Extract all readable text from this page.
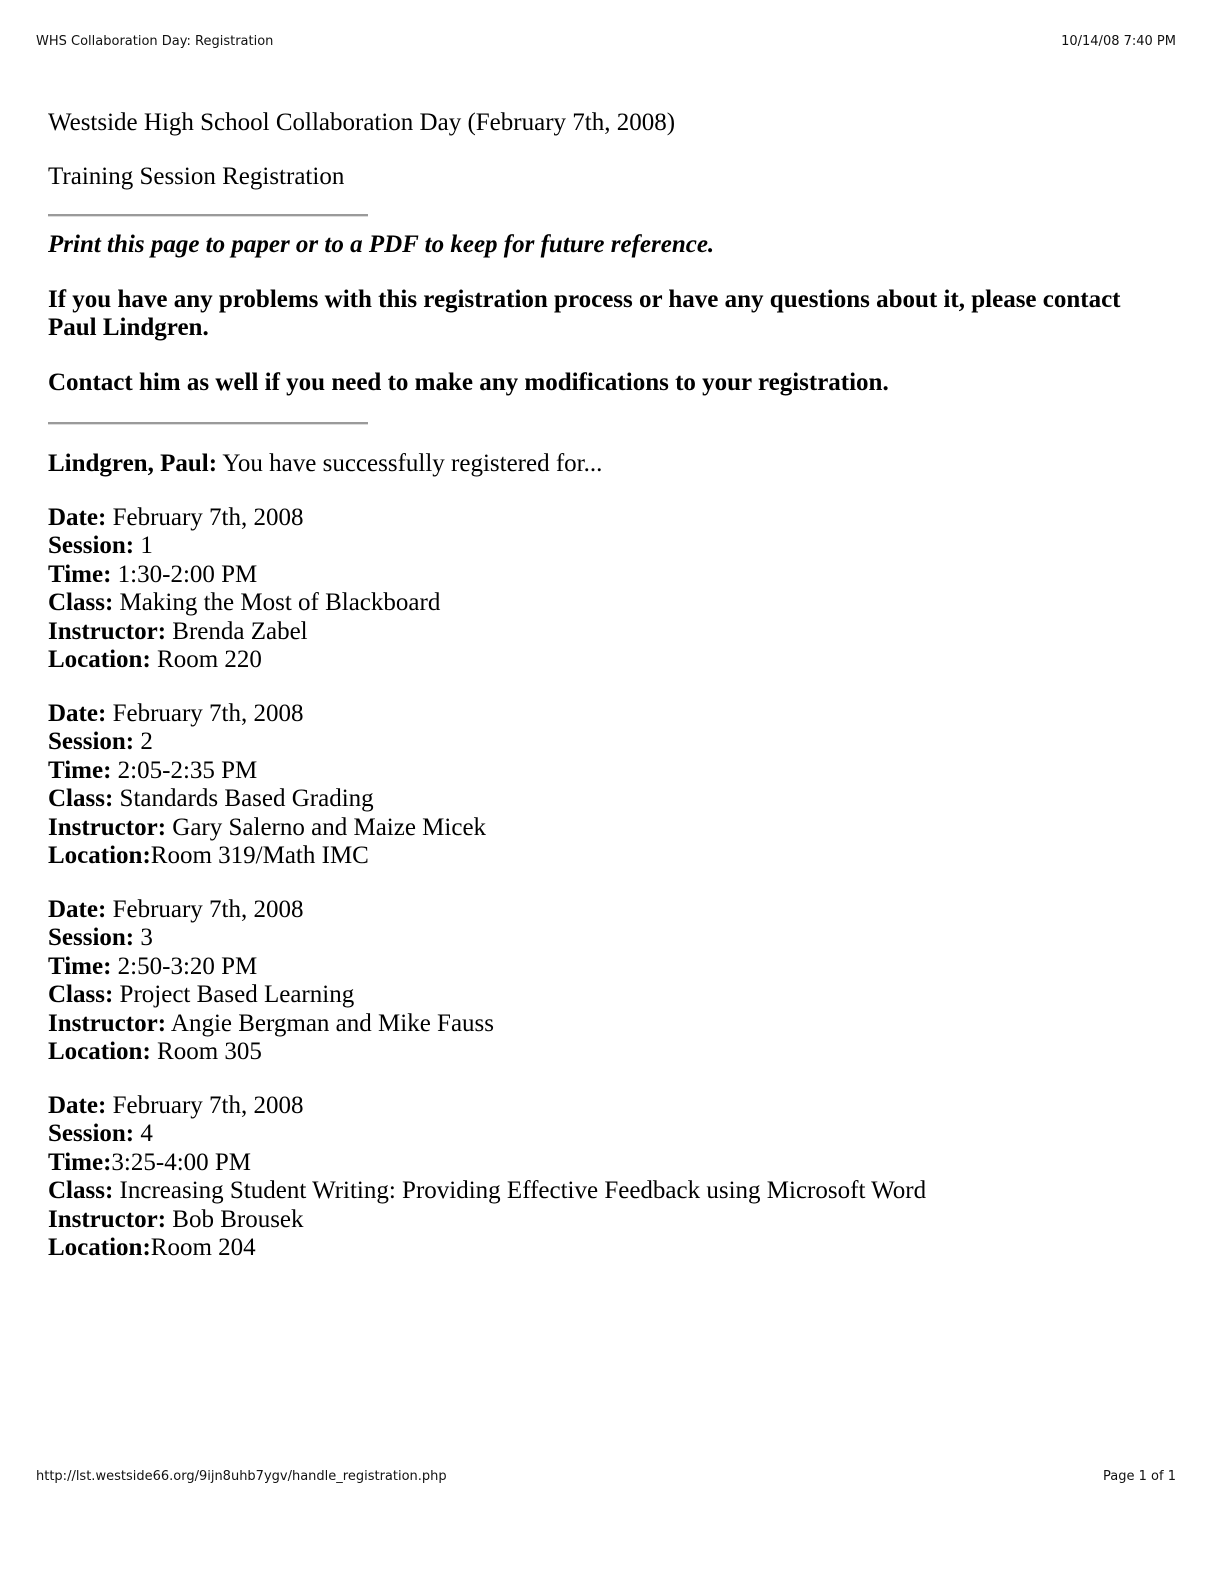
WHS Collaboration Day: Registration	10/14/08 7:40 PM
Westside High School Collaboration Day (February 7th, 2008)
Training Session Registration

Print this page to paper or to a PDF to keep for future reference.

If you have any problems with this registration process or have any questions about it, please contact Paul Lindgren.

Contact him as well if you need to make any modifications to your registration.

Lindgren, Paul: You have successfully registered for...

Date: February 7th, 2008
Session: 1
Time: 1:30-2:00 PM
Class: Making the Most of Blackboard
Instructor: Brenda Zabel
Location: Room 220
Date: February 7th, 2008
Session: 2
Time: 2:05-2:35 PM
Class: Standards Based Grading
Instructor: Gary Salerno and Maize Micek
Location:Room 319/Math IMC
Date: February 7th, 2008
Session: 3
Time: 2:50-3:20 PM
Class: Project Based Learning
Instructor: Angie Bergman and Mike Fauss
Location: Room 305
Date: February 7th, 2008
Session: 4
Time:3:25-4:00 PM
Class: Increasing Student Writing: Providing Effective Feedback using Microsoft Word
Instructor: Bob Brousek
Location:Room 204
http://lst.westside66.org/9ijn8uhb7ygv/handle_registration.php	Page 1 of 1
